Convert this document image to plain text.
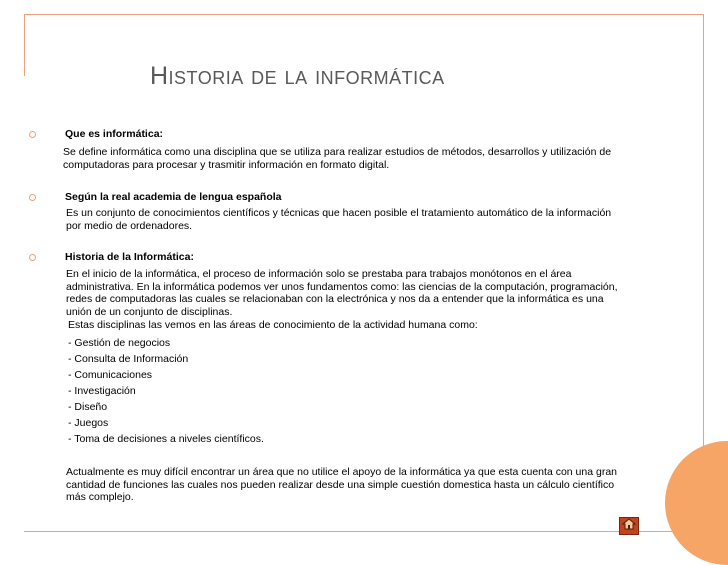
Historia de la informática
Que es informática:
Se define informática como una disciplina que se utiliza para realizar estudios de métodos, desarrollos y utilización de computadoras para procesar y trasmitir información en formato digital.
Según la real academia de lengua española
Es un conjunto de conocimientos científicos y técnicas que hacen posible el tratamiento automático de la información por medio de ordenadores.
Historia de la Informática:
En el inicio de la informática, el proceso de información solo se prestaba para trabajos monótonos en el área administrativa. En la informática podemos ver unos fundamentos como: las ciencias de la computación, programación, redes de computadoras las cuales se relacionaban con la electrónica y nos da a entender que la informática es una unión de un conjunto de disciplinas.
Estas disciplinas las vemos en las áreas de conocimiento de la actividad humana como:
- Gestión de negocios
- Consulta de Información
- Comunicaciones
- Investigación
- Diseño
- Juegos
- Toma de decisiones a niveles científicos.
Actualmente es muy difícil encontrar un área que no utilice el apoyo de la informática ya que esta cuenta con una gran cantidad de funciones las cuales nos pueden realizar desde una simple cuestión domestica hasta un cálculo científico más complejo.
